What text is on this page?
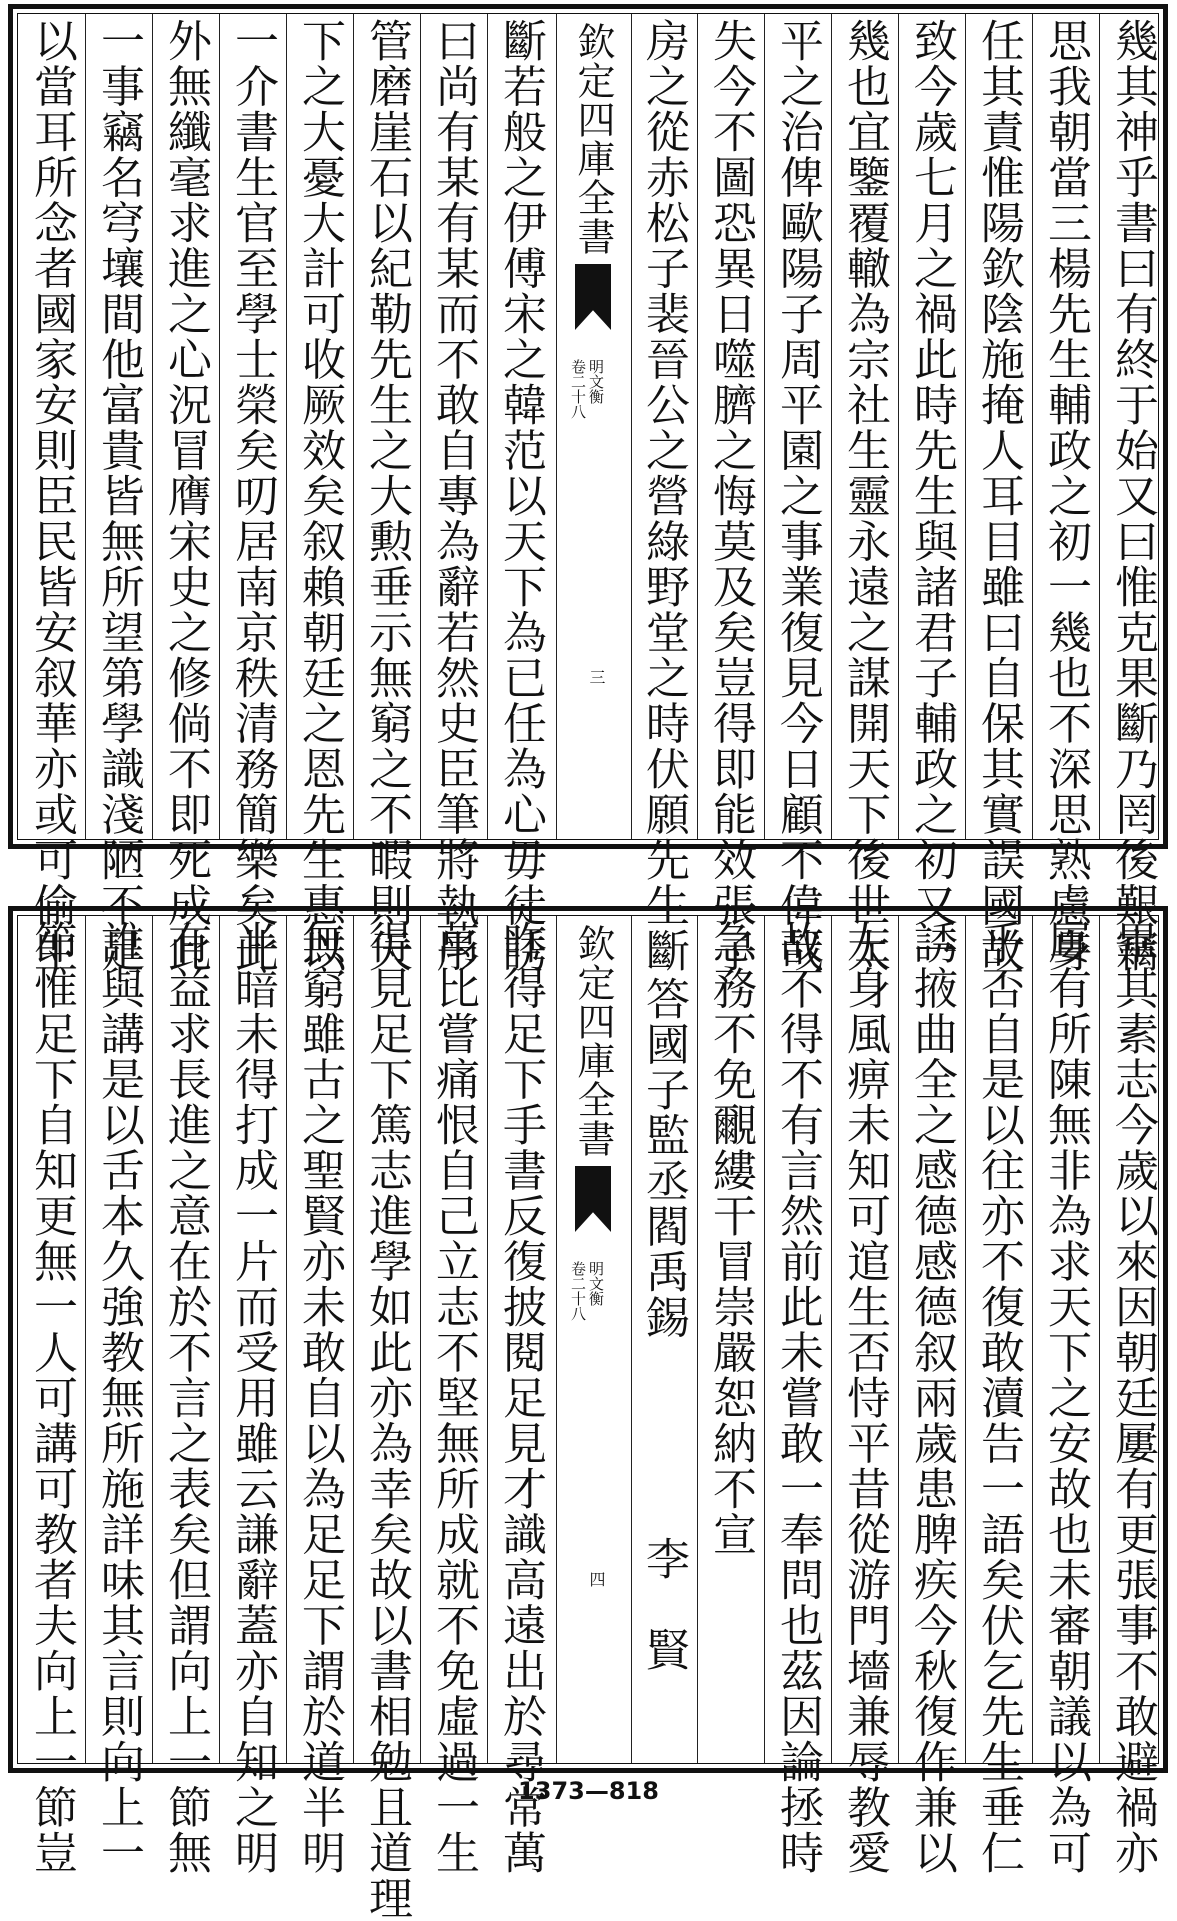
以當耳所念者國家安則臣民皆安叙華亦或可偷生 一事竊名穹壤間他富貴皆無所望第學識淺陋不足 外無纖毫求進之心況冒膺宋史之修倘不即死成此 一介書生官至學士榮矣叨居南京秩清務簡樂矣此 下之大憂大計可收厥效矣叙賴朝廷之恩先生惠以 管磨崖石以紀勒先生之大勲垂示無窮之不暇則天 曰尚有某有某而不敢自專為辭若然史臣筆將執彤 斷若般之伊傅宋之韓范以天下為已任為心毋徒誘 欽定四庫全書
明文衡
卷二十八
三 房之從赤松子裴晉公之營綠野堂之時伏願先生斷 失今不圖恐異日噬臍之悔莫及矣豈得即能效張子 平之治俾歐陽子周平園之事業復見今日顧不偉哉 幾也宜鑒覆轍為宗社生靈永遠之謀開天下後世太 致今歲七月之禍此時先生與諸君子輔政之初又一 任其責惟陽欽陰施掩人耳目雖曰自保其實誤國故 思我朝當三楊先生輔政之初一幾也不深思熟慮身 幾其神乎書曰有終于始又曰惟克果斷乃罔後艱竊
節惟足下自知更無一人可講可教者夫向上一節豈 誰與講是以舌本久強教無所施詳味其言則向上一 有益求長進之意在於不言之表矣但謂向上一節無 半暗未得打成一片而受用雖云謙辭蓋亦自知之明 無窮雖古之聖賢亦未敢自以為足足下謂於道半明 得見足下篤志進學如此亦為幸矣故以書相勉且道理 萬比嘗痛恨自己立志不堅無所成就不免虛過一生 昨得足下手書反復披閱足見才識高遠出於尋常萬 欽定四庫全書
明文衡
卷二十八
四
答國子監丞閻禹錫
李　賢
急務不免覼縷干冒崇嚴恕納不宣 故不得不有言然前此未嘗敢一奉問也茲因論拯時 左身風痹未知可逭生否恃平昔從游門墻兼辱教愛 誘掖曲全之感德感德叙兩歲患脾疾今秋復作兼以 乎否自是以往亦不復敢瀆告一語矣伏乞先生垂仁 屢有所陳無非為求天下之安故也未審朝議以為可 畢其素志今歲以來因朝廷屢有更張事不敢避禍亦
1373—818
